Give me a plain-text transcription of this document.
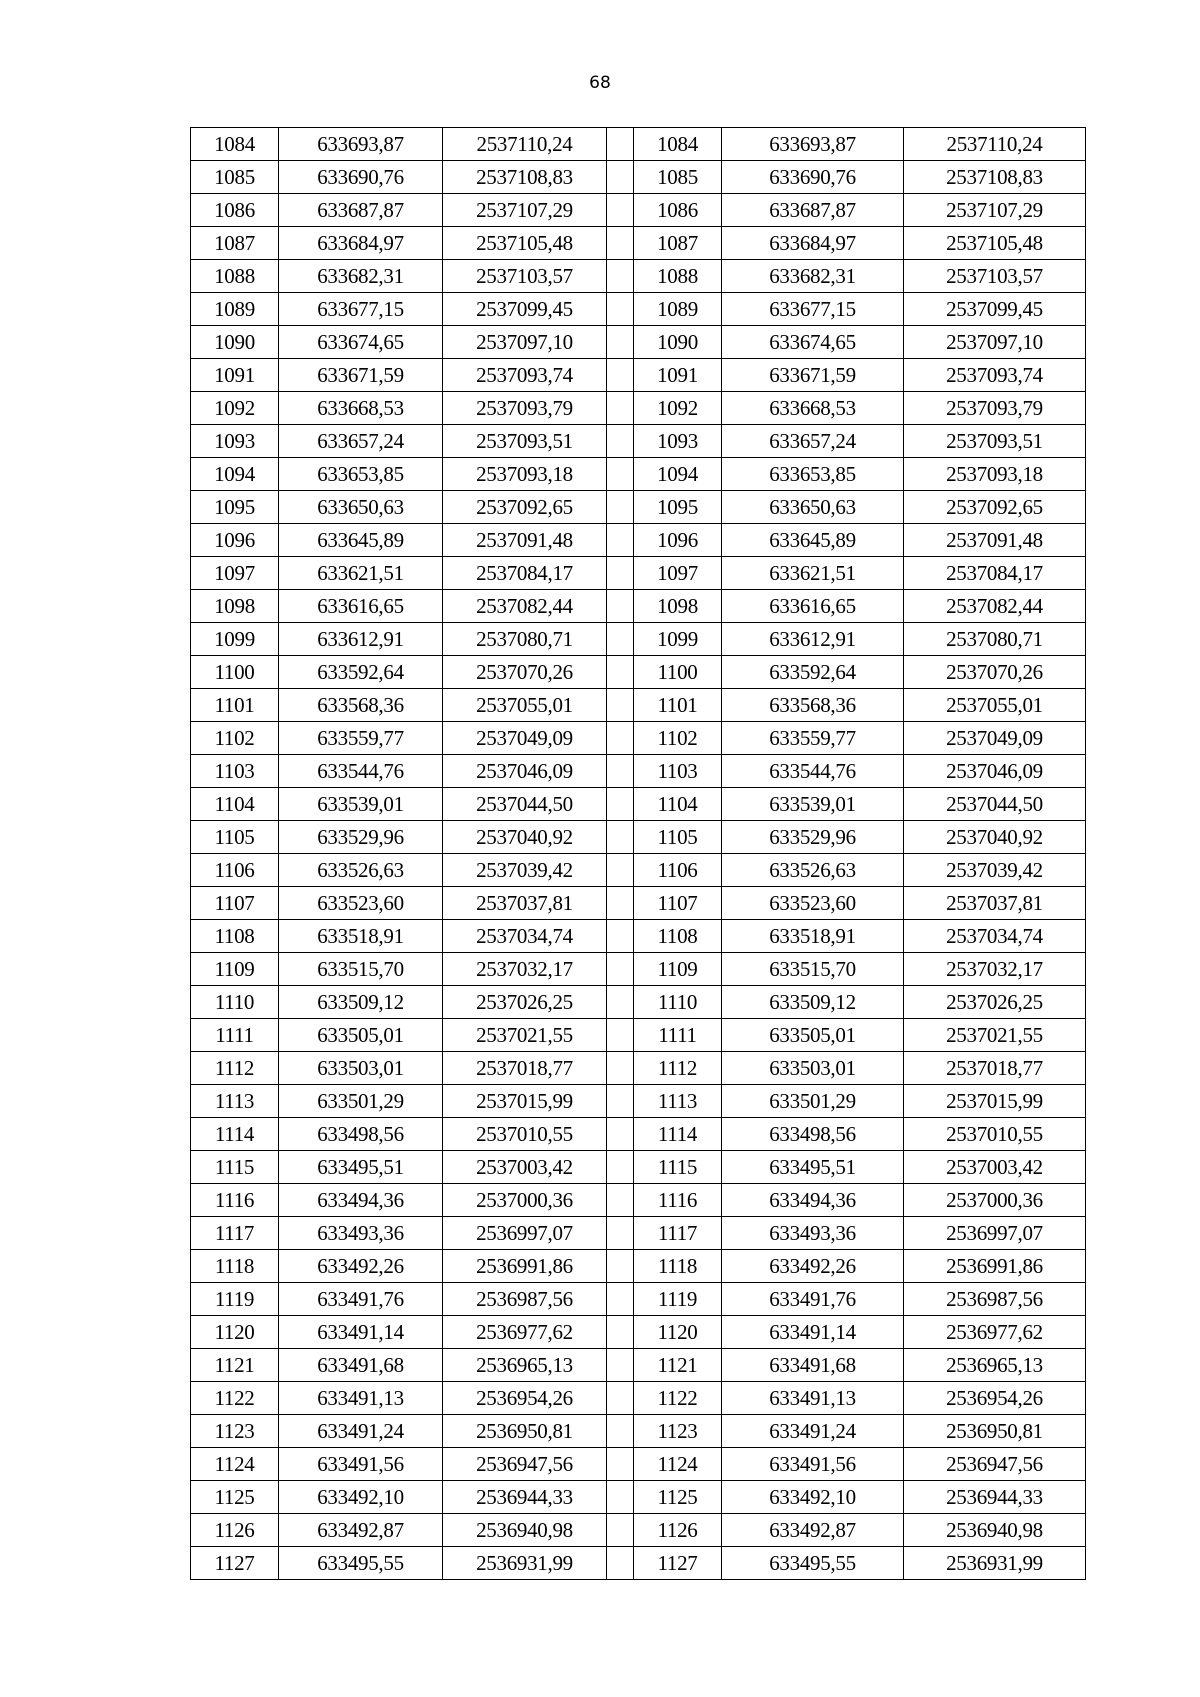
68
1084	633693,87	2537110,24		1084	633693,87	2537110,24
1085	633690,76	2537108,83		1085	633690,76	2537108,83
1086	633687,87	2537107,29		1086	633687,87	2537107,29
1087	633684,97	2537105,48		1087	633684,97	2537105,48
1088	633682,31	2537103,57		1088	633682,31	2537103,57
1089	633677,15	2537099,45		1089	633677,15	2537099,45
1090	633674,65	2537097,10		1090	633674,65	2537097,10
1091	633671,59	2537093,74		1091	633671,59	2537093,74
1092	633668,53	2537093,79		1092	633668,53	2537093,79
1093	633657,24	2537093,51		1093	633657,24	2537093,51
1094	633653,85	2537093,18		1094	633653,85	2537093,18
1095	633650,63	2537092,65		1095	633650,63	2537092,65
1096	633645,89	2537091,48		1096	633645,89	2537091,48
1097	633621,51	2537084,17		1097	633621,51	2537084,17
1098	633616,65	2537082,44		1098	633616,65	2537082,44
1099	633612,91	2537080,71		1099	633612,91	2537080,71
1100	633592,64	2537070,26		1100	633592,64	2537070,26
1101	633568,36	2537055,01		1101	633568,36	2537055,01
1102	633559,77	2537049,09		1102	633559,77	2537049,09
1103	633544,76	2537046,09		1103	633544,76	2537046,09
1104	633539,01	2537044,50		1104	633539,01	2537044,50
1105	633529,96	2537040,92		1105	633529,96	2537040,92
1106	633526,63	2537039,42		1106	633526,63	2537039,42
1107	633523,60	2537037,81		1107	633523,60	2537037,81
1108	633518,91	2537034,74		1108	633518,91	2537034,74
1109	633515,70	2537032,17		1109	633515,70	2537032,17
1110	633509,12	2537026,25		1110	633509,12	2537026,25
1111	633505,01	2537021,55		1111	633505,01	2537021,55
1112	633503,01	2537018,77		1112	633503,01	2537018,77
1113	633501,29	2537015,99		1113	633501,29	2537015,99
1114	633498,56	2537010,55		1114	633498,56	2537010,55
1115	633495,51	2537003,42		1115	633495,51	2537003,42
1116	633494,36	2537000,36		1116	633494,36	2537000,36
1117	633493,36	2536997,07		1117	633493,36	2536997,07
1118	633492,26	2536991,86		1118	633492,26	2536991,86
1119	633491,76	2536987,56		1119	633491,76	2536987,56
1120	633491,14	2536977,62		1120	633491,14	2536977,62
1121	633491,68	2536965,13		1121	633491,68	2536965,13
1122	633491,13	2536954,26		1122	633491,13	2536954,26
1123	633491,24	2536950,81		1123	633491,24	2536950,81
1124	633491,56	2536947,56		1124	633491,56	2536947,56
1125	633492,10	2536944,33		1125	633492,10	2536944,33
1126	633492,87	2536940,98		1126	633492,87	2536940,98
1127	633495,55	2536931,99		1127	633495,55	2536931,99
